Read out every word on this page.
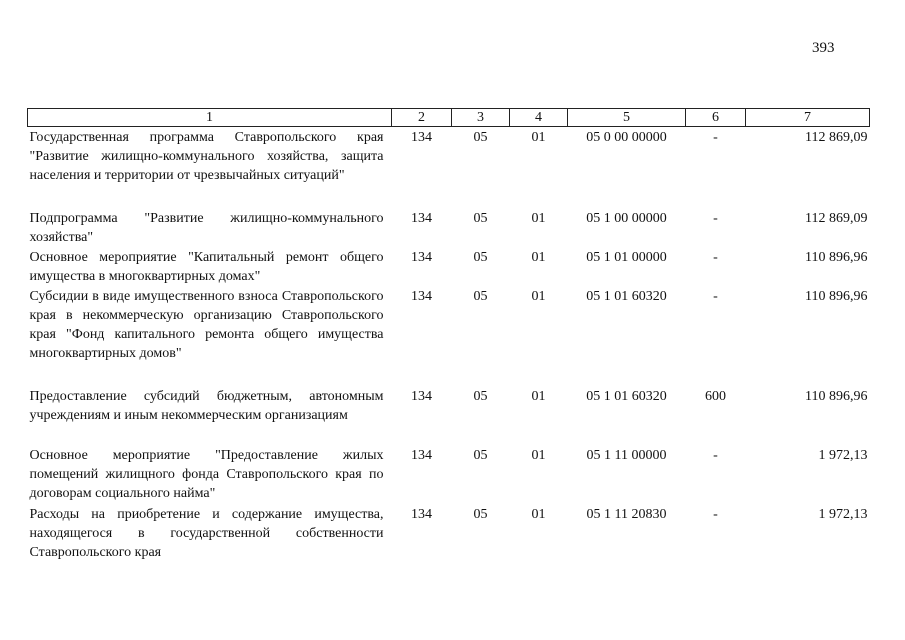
393
1	2	3	4	5	6	7
Государственная программа Ставропольского края "Развитие жилищно-коммунального хозяйства, защита населения и территории от чрезвычайных ситуаций"	134	05	01	05 0 00 00000	-	112 869,09
Подпрограмма "Развитие жилищно-коммунального хозяйства"	134	05	01	05 1 00 00000	-	112 869,09
Основное мероприятие "Капитальный ремонт общего имущества в многоквартирных домах"	134	05	01	05 1 01 00000	-	110 896,96
Субсидии в виде имущественного взноса Ставропольского края в некоммерческую организацию Ставропольского края "Фонд капитального ремонта общего имущества многоквартирных домов"	134	05	01	05 1 01 60320	-	110 896,96
Предоставление субсидий бюджетным, автономным учреждениям и иным некоммерческим организациям	134	05	01	05 1 01 60320	600	110 896,96
Основное мероприятие "Предоставление жилых помещений жилищного фонда Ставропольского края по договорам социального найма"	134	05	01	05 1 11 00000	-	1 972,13
Расходы на приобретение и содержание имущества, находящегося в государственной собственности Ставропольского края	134	05	01	05 1 11 20830	-	1 972,13
